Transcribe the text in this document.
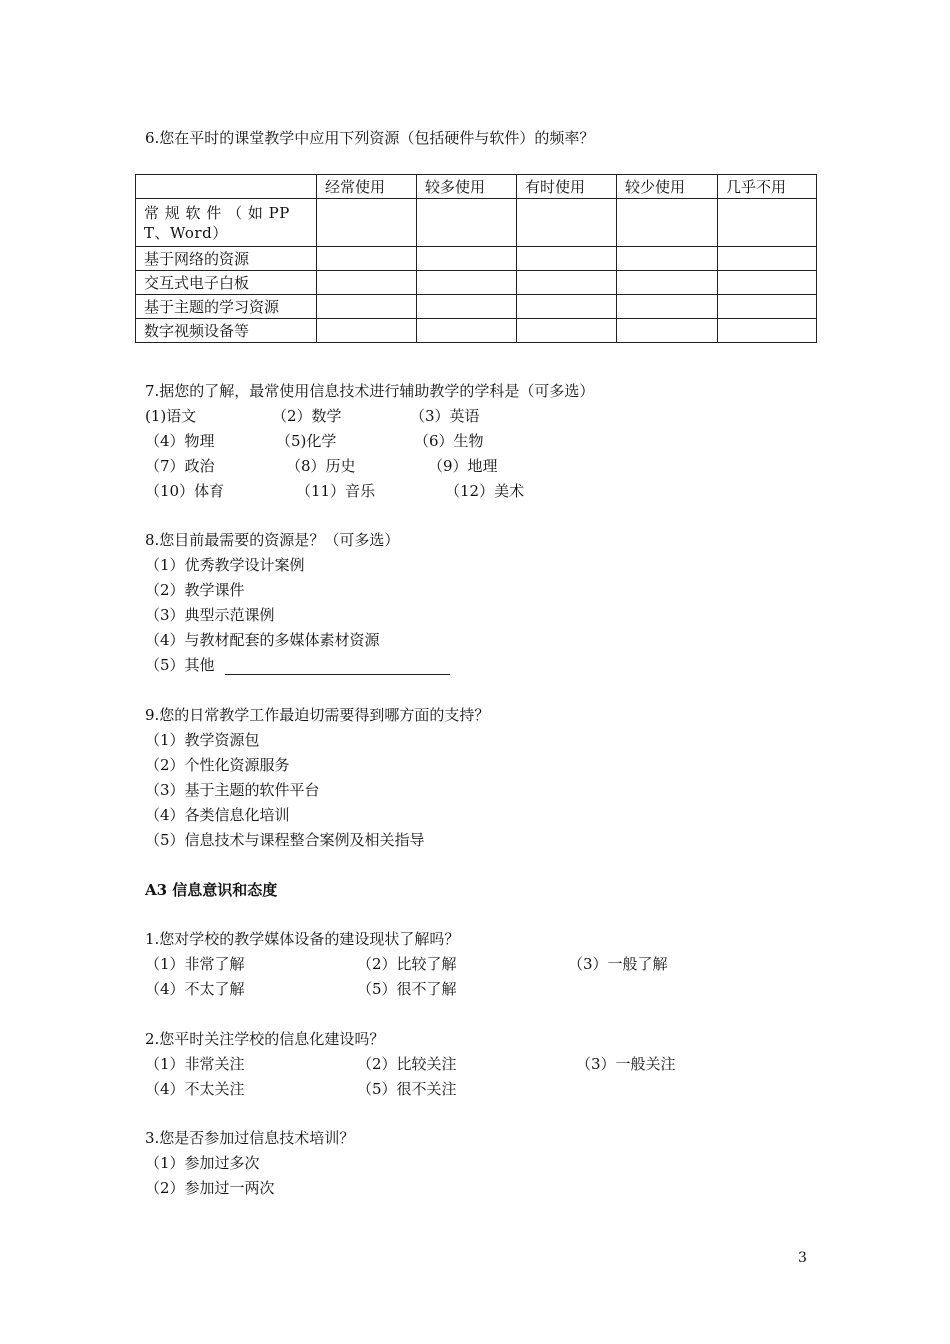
6.您在平时的课堂教学中应用下列资源（包括硬件与软件）的频率？
	经常使用	较多使用	有时使用	较少使用	几乎不用
常 规 软 件 （ 如 PPT、Word）					
基于网络的资源					
交互式电子白板					
基于主题的学习资源					
数字视频设备等					
7.据您的了解，最常使用信息技术进行辅助教学的学科是（可多选）
(1)语文	（2）数学	（3）英语
（4）物理	（5)化学	（6）生物
（7）政治	（8）历史	（9）地理
（10）体育	（11）音乐	（12）美术
8.您目前最需要的资源是？（可多选）
（1）优秀教学设计案例
（2）教学课件
（3）典型示范课例
（4）与教材配套的多媒体素材资源
（5）其他
9.您的日常教学工作最迫切需要得到哪方面的支持？
（1）教学资源包
（2）个性化资源服务
（3）基于主题的软件平台
（4）各类信息化培训
（5）信息技术与课程整合案例及相关指导
A3 信息意识和态度
1.您对学校的教学媒体设备的建设现状了解吗？
（1）非常了解	（2）比较了解	（3）一般了解
（4）不太了解	（5）很不了解
2.您平时关注学校的信息化建设吗？
（1）非常关注	（2）比较关注	（3）一般关注
（4）不太关注	（5）很不关注
3.您是否参加过信息技术培训？
（1）参加过多次
（2）参加过一两次
3
